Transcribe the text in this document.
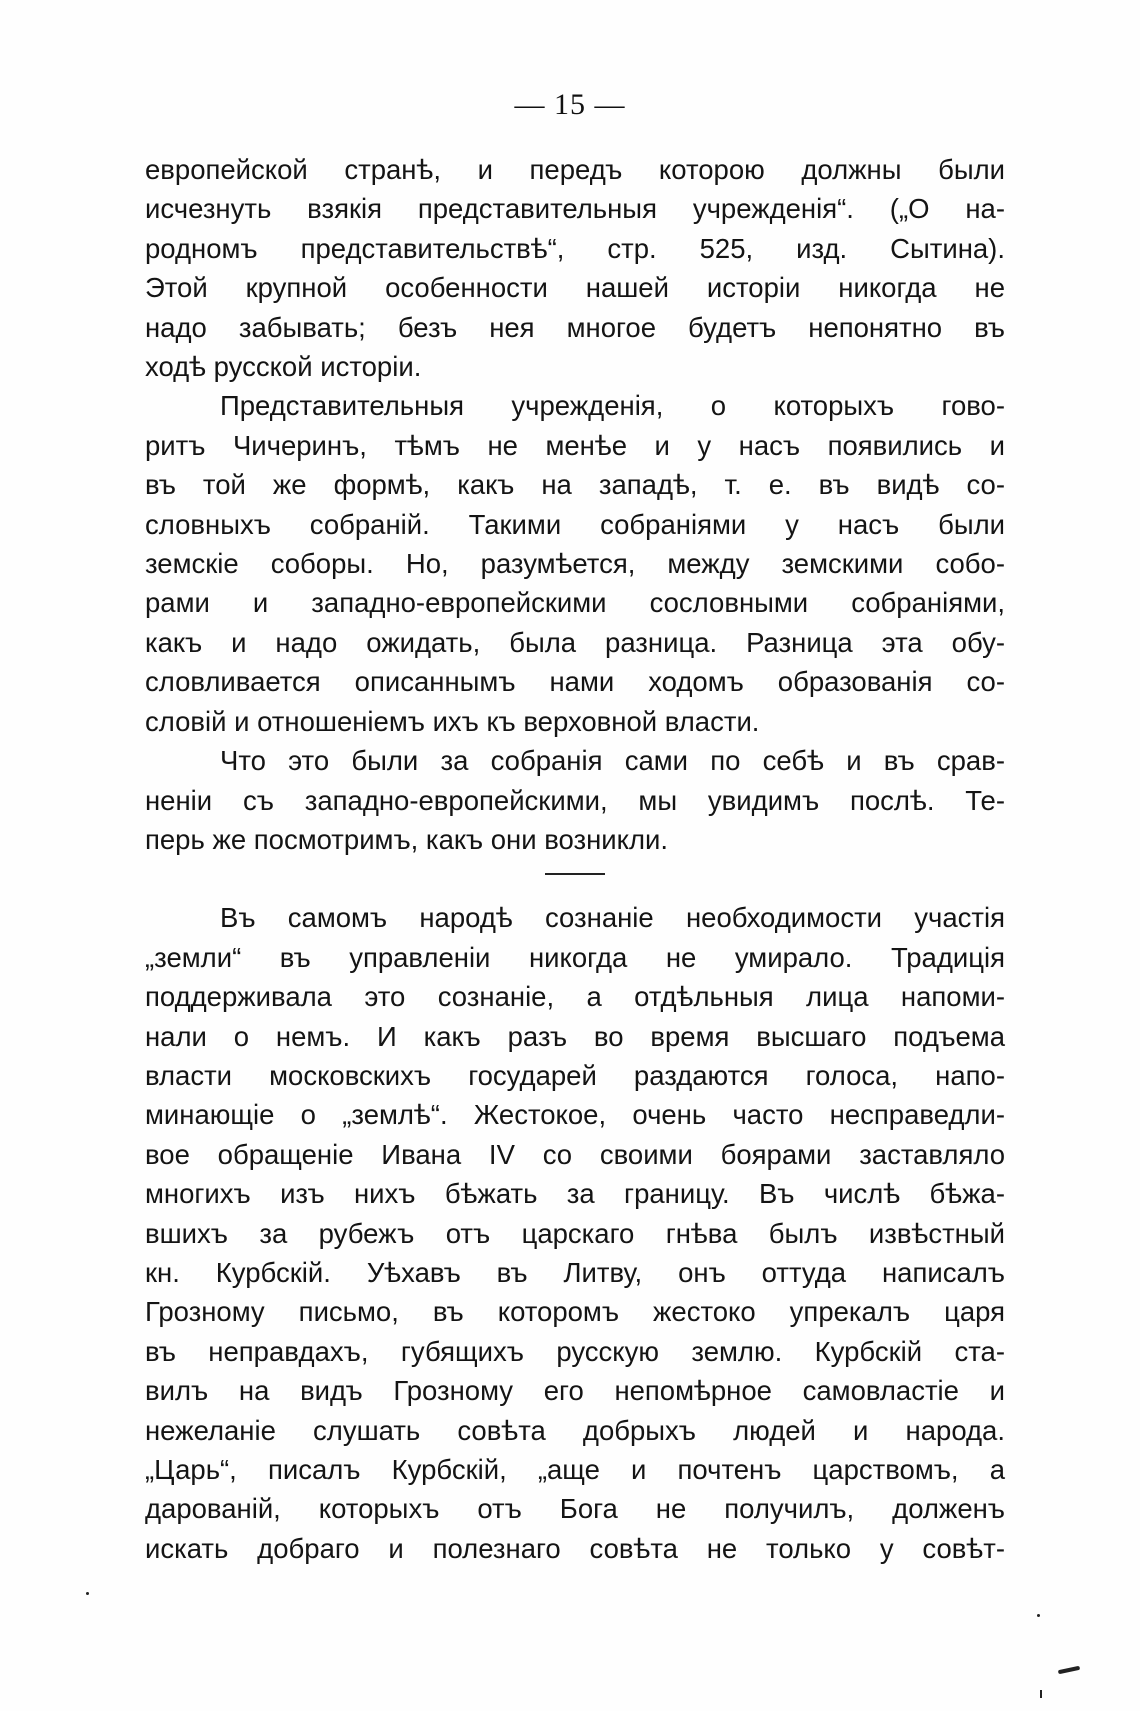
— 15 —
европейской странѣ, и передъ которою должны были
исчезнуть взякія представительныя учрежденія“. („О на-
родномъ представительствѣ“, стр. 525, изд. Сытина).
Этой крупной особенности нашей исторіи никогда не
надо забывать; безъ нея многое будетъ непонятно въ
ходѣ русской исторіи.
Представительныя учрежденія, о которыхъ гово-
ритъ Чичеринъ, тѣмъ не менѣе и у насъ появились и
въ той же формѣ, какъ на западѣ, т. е. въ видѣ со-
словныхъ собраній. Такими собраніями у насъ были
земскіе соборы. Но, разумѣется, между земскими собо-
рами и западно-европейскими сословными собраніями,
какъ и надо ожидать, была разница. Разница эта обу-
словливается описаннымъ нами ходомъ образованія со-
словій и отношеніемъ ихъ къ верховной власти.
Что это были за собранія сами по себѣ и въ срав-
неніи съ западно-европейскими, мы увидимъ послѣ. Те-
перь же посмотримъ, какъ они возникли.
Въ самомъ народѣ сознаніе необходимости участія
„земли“ въ управленіи никогда не умирало. Традиція
поддерживала это сознаніе, а отдѣльныя лица напоми-
нали о немъ. И какъ разъ во время высшаго подъема
власти московскихъ государей раздаются голоса, напо-
минающіе о „землѣ“. Жестокое, очень часто несправедли-
вое обращеніе Ивана IV со своими боярами заставляло
многихъ изъ нихъ бѣжать за границу. Въ числѣ бѣжа-
вшихъ за рубежъ отъ царскаго гнѣва былъ извѣстный
кн. Курбскій. Уѣхавъ въ Литву, онъ оттуда написалъ
Грозному письмо, въ которомъ жестоко упрекалъ царя
въ неправдахъ, губящихъ русскую землю. Курбскій ста-
вилъ на видъ Грозному его непомѣрное самовластіе и
нежеланіе слушать совѣта добрыхъ людей и народа.
„Царь“, писалъ Курбскій, „аще и почтенъ царствомъ, а
дарованій, которыхъ отъ Бога не получилъ, долженъ
искать добраго и полезнаго совѣта не только у совѣт-
